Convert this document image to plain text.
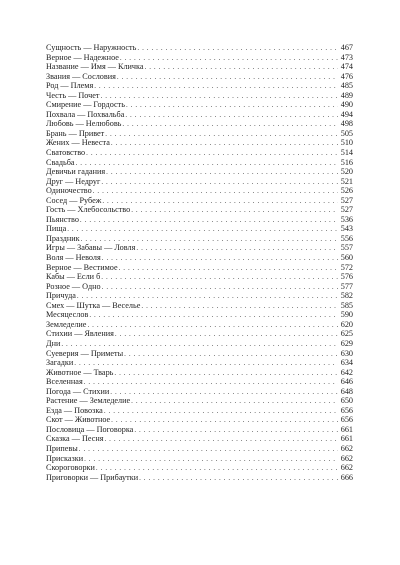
Сущность — Наружность . . .	467
Верное — Надежное . . .	473
Название — Имя — Кличка . . .	474
Звания — Сословия . . .	476
Род — Племя . . .	485
Честь — Почет . . .	489
Смирение — Гордость . . .	490
Похвала — Похвальба . . .	494
Любовь — Нелюбовь . . .	498
Брань — Привет . . .	505
Жених — Невеста . . .	510
Сватовство . . .	514
Свадьба . . .	516
Девичьи гадания . . .	520
Друг — Недруг . . .	521
Одиночество . . .	526
Сосед — Рубеж . . .	527
Гость — Хлебосольство . . .	527
Пьянство . . .	536
Пища . . .	543
Праздник . . .	556
Игры — Забавы — Ловля . . .	557
Воля — Неволя . . .	560
Верное — Вестимое . . .	572
Кабы — Если б . . .	576
Розное — Одно . . .	577
Причуда . . .	582
Смех — Шутка — Веселье . . .	585
Месяцеслов . . .	590
Земледелие . . .	620
Стихии — Явления . . .	625
Дни . . .	629
Суеверия — Приметы . . .	630
Загадки . . .	634
Животное — Тварь . . .	642
Вселенная . . .	646
Погода — Стихии . . .	648
Растение — Земледелие . . .	650
Езда — Повозка . . .	656
Скот — Животное . . .	656
Пословица — Поговорка . . .	661
Сказка — Песня . . .	661
Припевы . . .	662
Присказки . . .	662
Скороговорки . . .	662
Приговорки — Прибаутки . . .	666
